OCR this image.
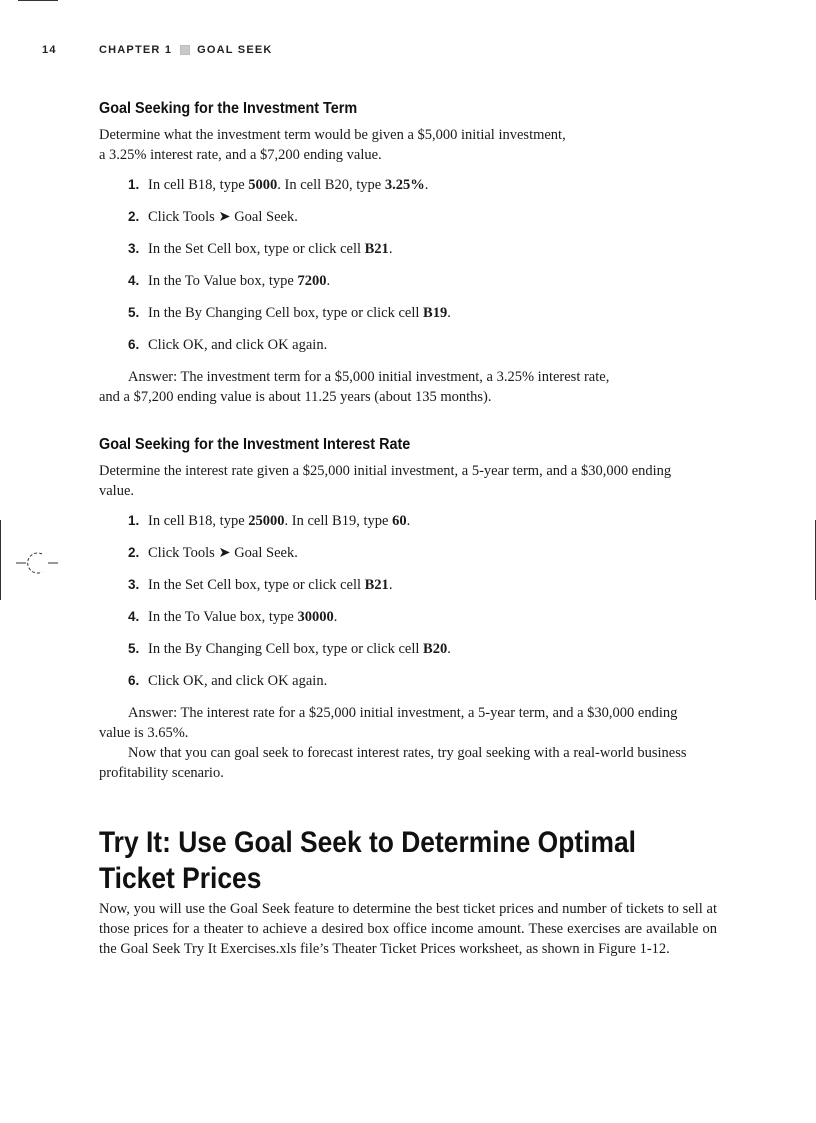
14	CHAPTER 1 GOAL SEEK
Goal Seeking for the Investment Term

Determine what the investment term would be given a $5,000 initial investment,
a 3.25% interest rate, and a $7,200 ending value.

1. In cell B18, type 5000. In cell B20, type 3.25%.
2. Click Tools ➤ Goal Seek.
3. In the Set Cell box, type or click cell B21.
4. In the To Value box, type 7200.
5. In the By Changing Cell box, type or click cell B19.
6. Click OK, and click OK again.

Answer: The investment term for a $5,000 initial investment, a 3.25% interest rate,
and a $7,200 ending value is about 11.25 years (about 135 months).

Goal Seeking for the Investment Interest Rate

Determine the interest rate given a $25,000 initial investment, a 5-year term, and a $30,000 ending value.

1. In cell B18, type 25000. In cell B19, type 60.
2. Click Tools ➤ Goal Seek.
3. In the Set Cell box, type or click cell B21.
4. In the To Value box, type 30000.
5. In the By Changing Cell box, type or click cell B20.
6. Click OK, and click OK again.

Answer: The interest rate for a $25,000 initial investment, a 5-year term, and a $30,000 ending value is 3.65%.

Now that you can goal seek to forecast interest rates, try goal seeking with a real-world business profitability scenario.

Try It: Use Goal Seek to Determine Optimal
Ticket Prices

Now, you will use the Goal Seek feature to determine the best ticket prices and number of tickets to sell at those prices for a theater to achieve a desired box office income amount. These exercises are available on the Goal Seek Try It Exercises.xls file’s Theater Ticket Prices worksheet, as shown in Figure 1-12.
